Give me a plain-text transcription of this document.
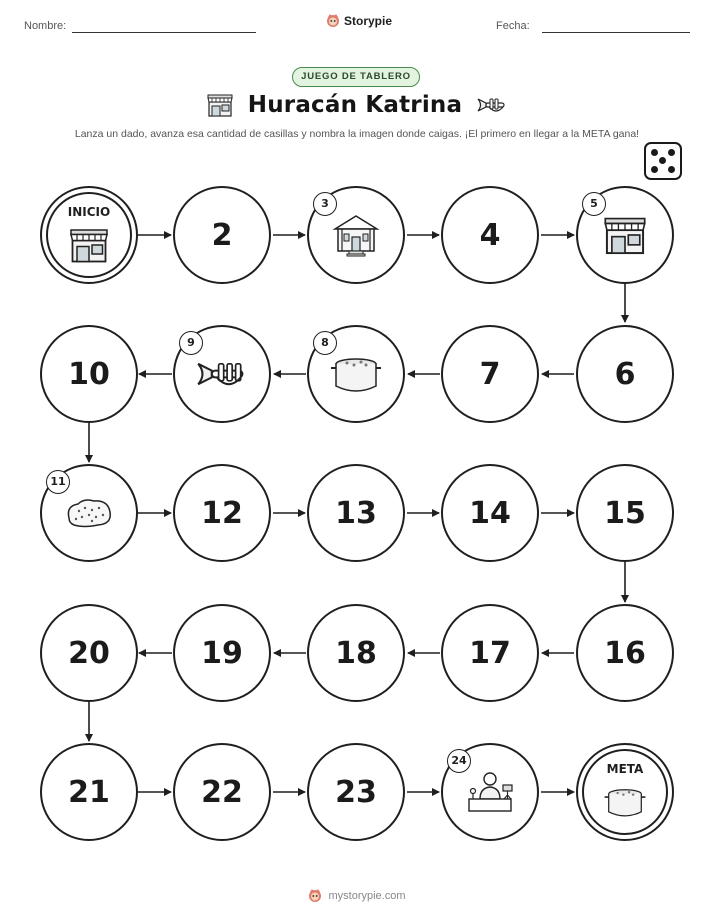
Nombre:	Storypie	Fecha:
JUEGO DE TABLERO
Huracán Katrina
Lanza un dado, avanza esa cantidad de casillas y nombra la imagen donde caigas. ¡El primero en llegar a la META gana!
INICIO
2
3
4
5
10
9	8
7	6
11
12	13	14	15
20	19	18	17	16
21	22	23
24
META
mystorypie.com
